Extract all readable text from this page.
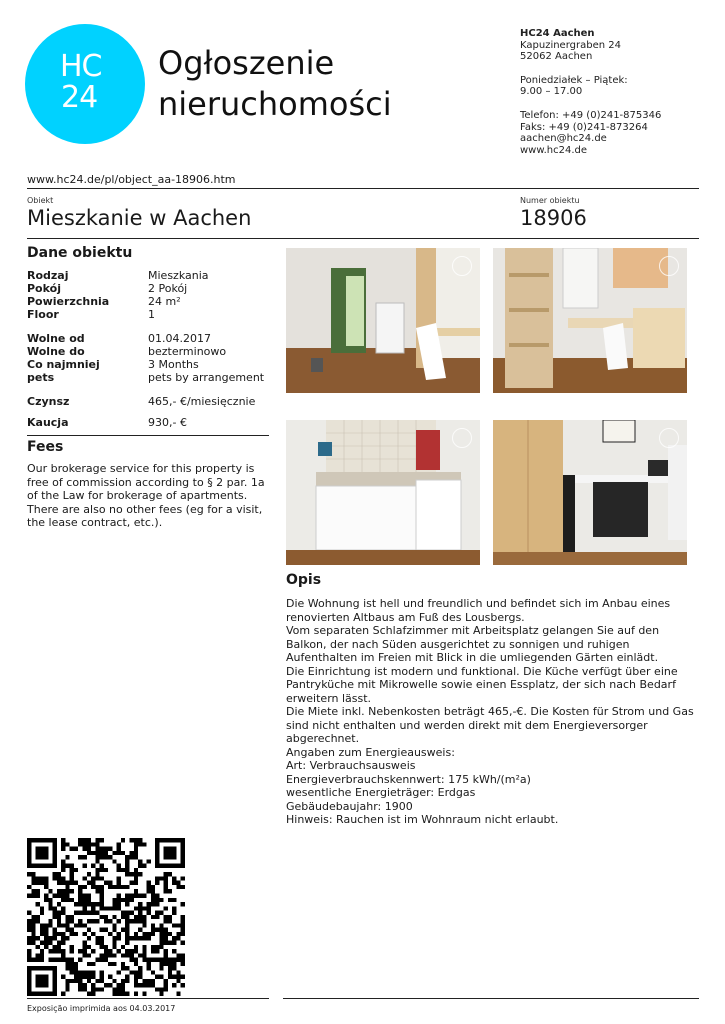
HC
24
Ogłoszenie
nieruchomości
HC24 Aachen
Kapuzinergraben 24
52062 Aachen
Poniedziałek – Piątek:
9.00 – 17.00
Telefon: +49 (0)241-875346
Faks: +49 (0)241-873264
aachen@hc24.de
www.hc24.de
www.hc24.de/pl/object_aa-18906.htm
Obiekt
Mieszkanie w Aachen
Numer obiektu
18906
Dane obiektu
Rodzaj	Mieszkania
Pokój	2 Pokój
Powierzchnia	24 m²
Floor	1
Wolne od	01.04.2017
Wolne do	bezterminowo
Co najmniej	3 Months
pets	pets by arrangement
Czynsz	465,- €/miesięcznie
Kaucja	930,- €
Fees
Our brokerage service for this property is free of commission according to § 2 par. 1a of the Law for brokerage of apartments. There are also no other fees (eg for a visit, the lease contract, etc.).
Opis
Die Wohnung ist hell und freundlich und befindet sich im Anbau eines renovierten Altbaus am Fuß des Lousbergs.
Vom separaten Schlafzimmer mit Arbeitsplatz gelangen Sie auf den Balkon, der nach Süden ausgerichtet zu sonnigen und ruhigen Aufenthalten im Freien mit Blick in die umliegenden Gärten einlädt.
Die Einrichtung ist modern und funktional. Die Küche verfügt über eine Pantryküche mit Mikrowelle sowie einen Essplatz, der sich nach Bedarf erweitern lässt.
Die Miete inkl. Nebenkosten beträgt 465,-€. Die Kosten für Strom und Gas sind nicht enthalten und werden direkt mit dem Energieversorger abgerechnet.
Angaben zum Energieausweis:
Art: Verbrauchsausweis
Energieverbrauchskennwert: 175 kWh/(m²a)
wesentliche Energieträger: Erdgas
Gebäudebaujahr: 1900
Hinweis: Rauchen ist im Wohnraum nicht erlaubt.
Exposição imprimida aos 04.03.2017
